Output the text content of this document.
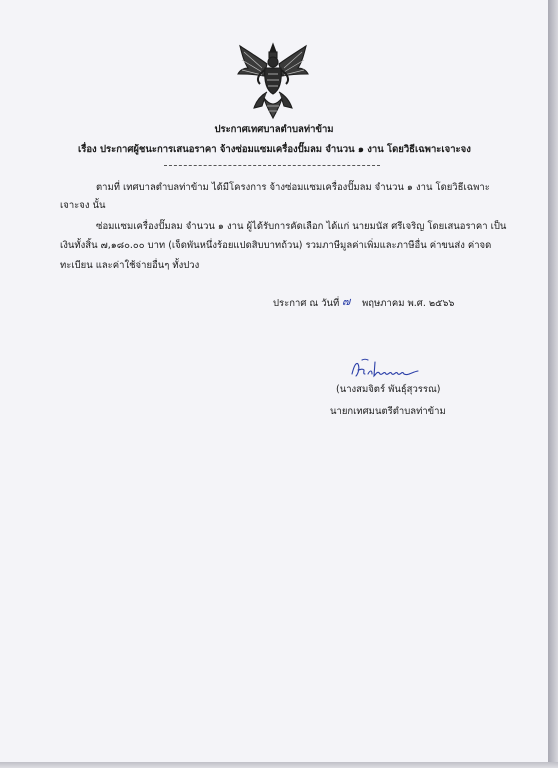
ประกาศเทศบาลตำบลท่าข้าม
เรื่อง ประกาศผู้ชนะการเสนอราคา จ้างซ่อมแซมเครื่องปั๊มลม จำนวน ๑ งาน โดยวิธีเฉพาะเจาะจง
ตามที่ เทศบาลตำบลท่าข้าม ได้มีโครงการ จ้างซ่อมแซมเครื่องปั๊มลม จำนวน ๑ งาน โดยวิธีเฉพาะ
เจาะจง นั้น
ซ่อมแซมเครื่องปั๊มลม จำนวน ๑ งาน ผู้ได้รับการคัดเลือก ได้แก่ นายมนัส ศรีเจริญ โดยเสนอราคา เป็น
เงินทั้งสิ้น ๗,๑๘๐.๐๐ บาท (เจ็ดพันหนึ่งร้อยแปดสิบบาทถ้วน) รวมภาษีมูลค่าเพิ่มและภาษีอื่น ค่าขนส่ง ค่าจด
ทะเบียน และค่าใช้จ่ายอื่นๆ ทั้งปวง
ประกาศ ณ วันที่ ๗ พฤษภาคม พ.ศ. ๒๕๖๖
(นางสมจิตร์ พันธุ์สุวรรณ)
นายกเทศมนตรีตำบลท่าข้าม
